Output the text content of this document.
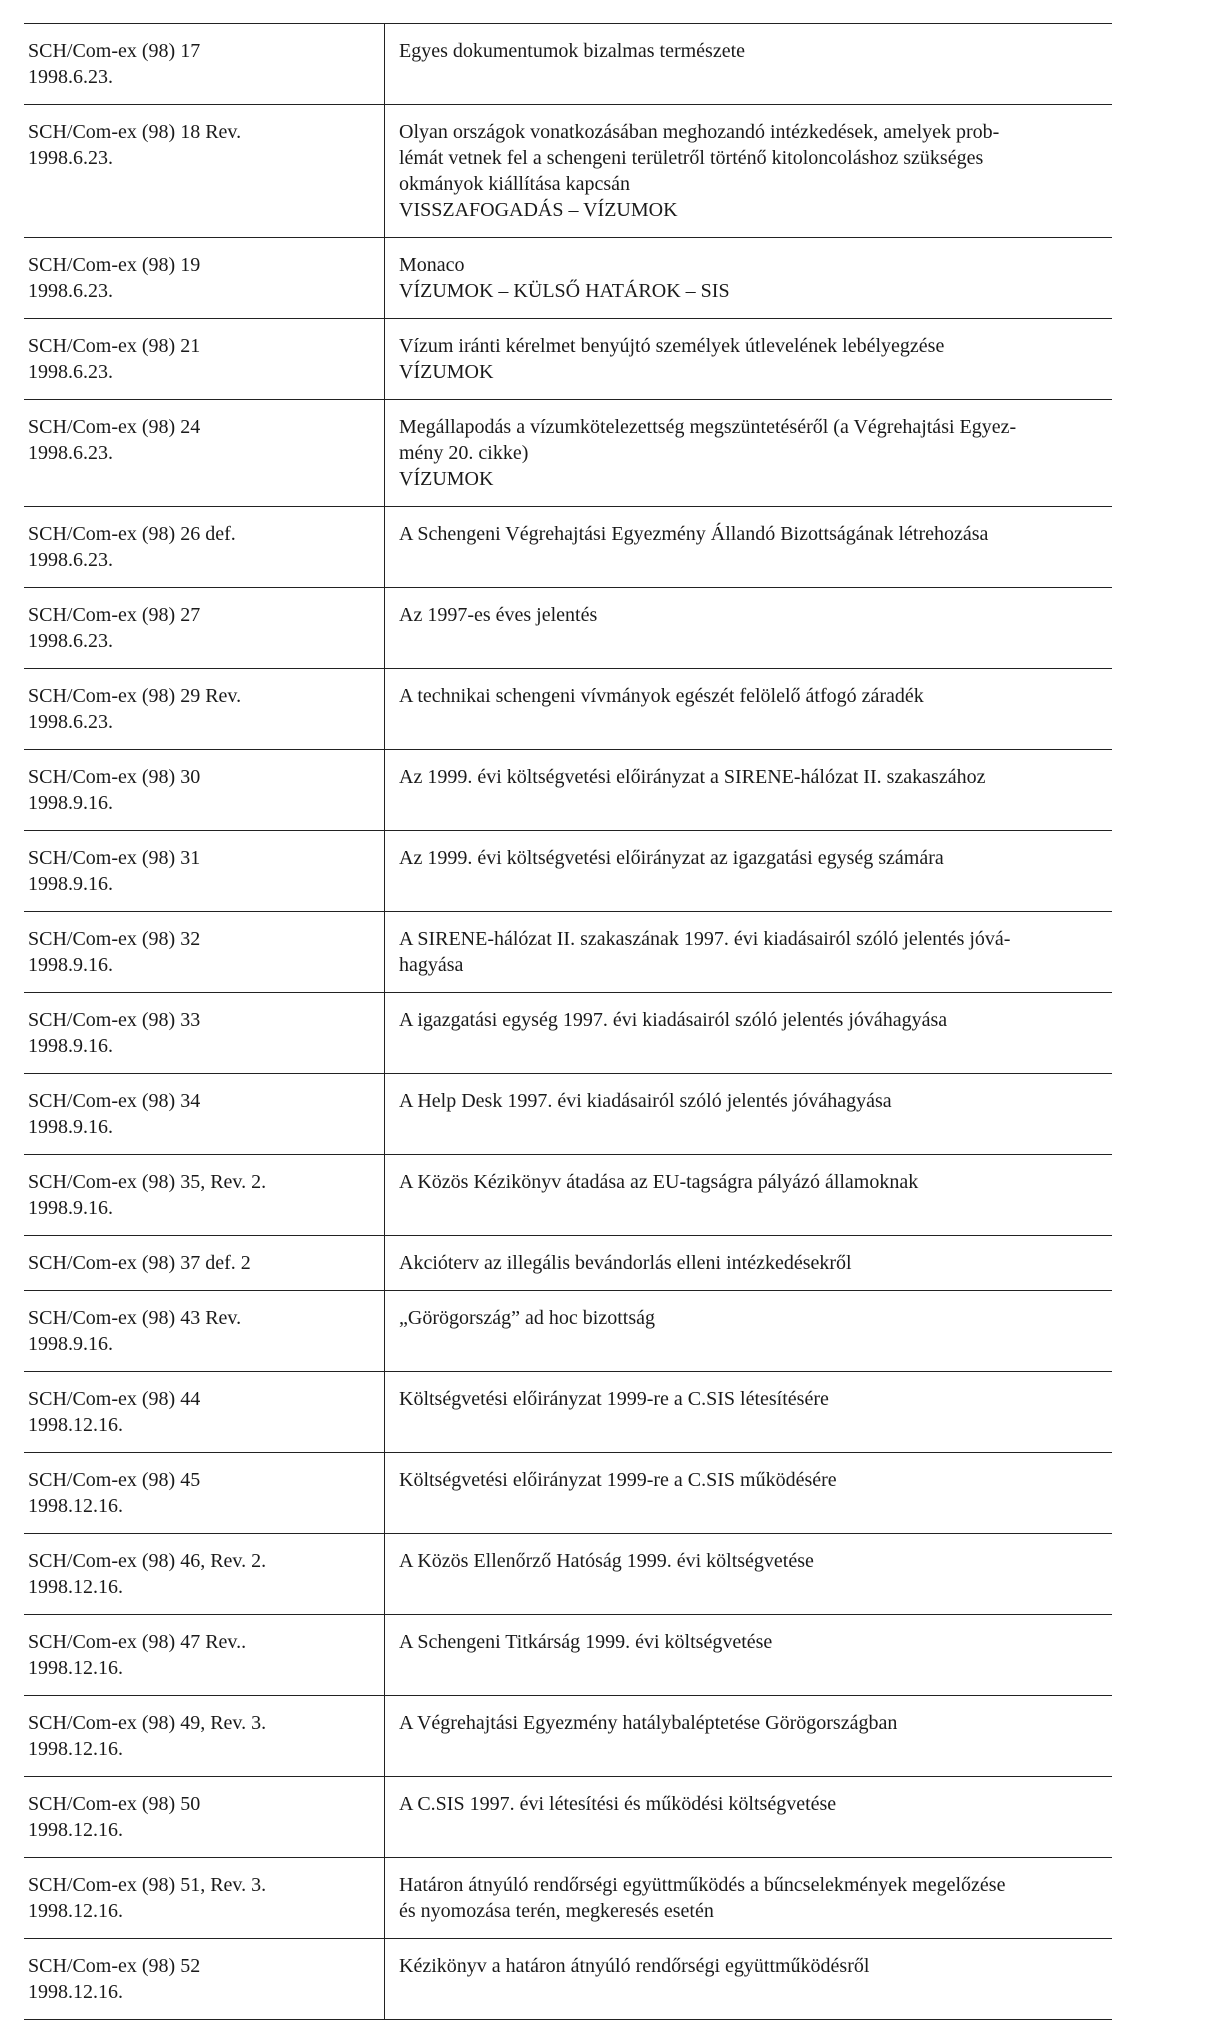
SCH/Com-ex (98) 17
1998.6.23.	Egyes dokumentumok bizalmas természete

SCH/Com-ex (98) 18 Rev.
1998.6.23.	Olyan országok vonatkozásában meghozandó intézkedések, amelyek prob-
lémát vetnek fel a schengeni területről történő kitoloncoláshoz szükséges
okmányok kiállítása kapcsán
VISSZAFOGADÁS – VÍZUMOK

SCH/Com-ex (98) 19
1998.6.23.	Monaco
VÍZUMOK – KÜLSŐ HATÁROK – SIS

SCH/Com-ex (98) 21
1998.6.23.	Vízum iránti kérelmet benyújtó személyek útlevelének lebélyegzése
VÍZUMOK

SCH/Com-ex (98) 24
1998.6.23.	Megállapodás a vízumkötelezettség megszüntetéséről (a Végrehajtási Egyez-
mény 20. cikke)
VÍZUMOK

SCH/Com-ex (98) 26 def.
1998.6.23.	A Schengeni Végrehajtási Egyezmény Állandó Bizottságának létrehozása

SCH/Com-ex (98) 27
1998.6.23.	Az 1997-es éves jelentés

SCH/Com-ex (98) 29 Rev.
1998.6.23.	A technikai schengeni vívmányok egészét felölelő átfogó záradék

SCH/Com-ex (98) 30
1998.9.16.	Az 1999. évi költségvetési előirányzat a SIRENE-hálózat II. szakaszához

SCH/Com-ex (98) 31
1998.9.16.	Az 1999. évi költségvetési előirányzat az igazgatási egység számára

SCH/Com-ex (98) 32
1998.9.16.	A SIRENE-hálózat II. szakaszának 1997. évi kiadásairól szóló jelentés jóvá-
hagyása

SCH/Com-ex (98) 33
1998.9.16.	A igazgatási egység 1997. évi kiadásairól szóló jelentés jóváhagyása

SCH/Com-ex (98) 34
1998.9.16.	A Help Desk 1997. évi kiadásairól szóló jelentés jóváhagyása

SCH/Com-ex (98) 35, Rev. 2.
1998.9.16.	A Közös Kézikönyv átadása az EU-tagságra pályázó államoknak

SCH/Com-ex (98) 37 def. 2	Akcióterv az illegális bevándorlás elleni intézkedésekről

SCH/Com-ex (98) 43 Rev.
1998.9.16.	„Görögország” ad hoc bizottság

SCH/Com-ex (98) 44
1998.12.16.	Költségvetési előirányzat 1999-re a C.SIS létesítésére

SCH/Com-ex (98) 45
1998.12.16.	Költségvetési előirányzat 1999-re a C.SIS működésére

SCH/Com-ex (98) 46, Rev. 2.
1998.12.16.	A Közös Ellenőrző Hatóság 1999. évi költségvetése

SCH/Com-ex (98) 47 Rev..
1998.12.16.	A Schengeni Titkárság 1999. évi költségvetése

SCH/Com-ex (98) 49, Rev. 3.
1998.12.16.	A Végrehajtási Egyezmény hatálybaléptetése Görögországban

SCH/Com-ex (98) 50
1998.12.16.	A C.SIS 1997. évi létesítési és működési költségvetése

SCH/Com-ex (98) 51, Rev. 3.
1998.12.16.	Határon átnyúló rendőrségi együttműködés a bűncselekmények megelőzése
és nyomozása terén, megkeresés esetén

SCH/Com-ex (98) 52
1998.12.16.	Kézikönyv a határon átnyúló rendőrségi együttműködésről
